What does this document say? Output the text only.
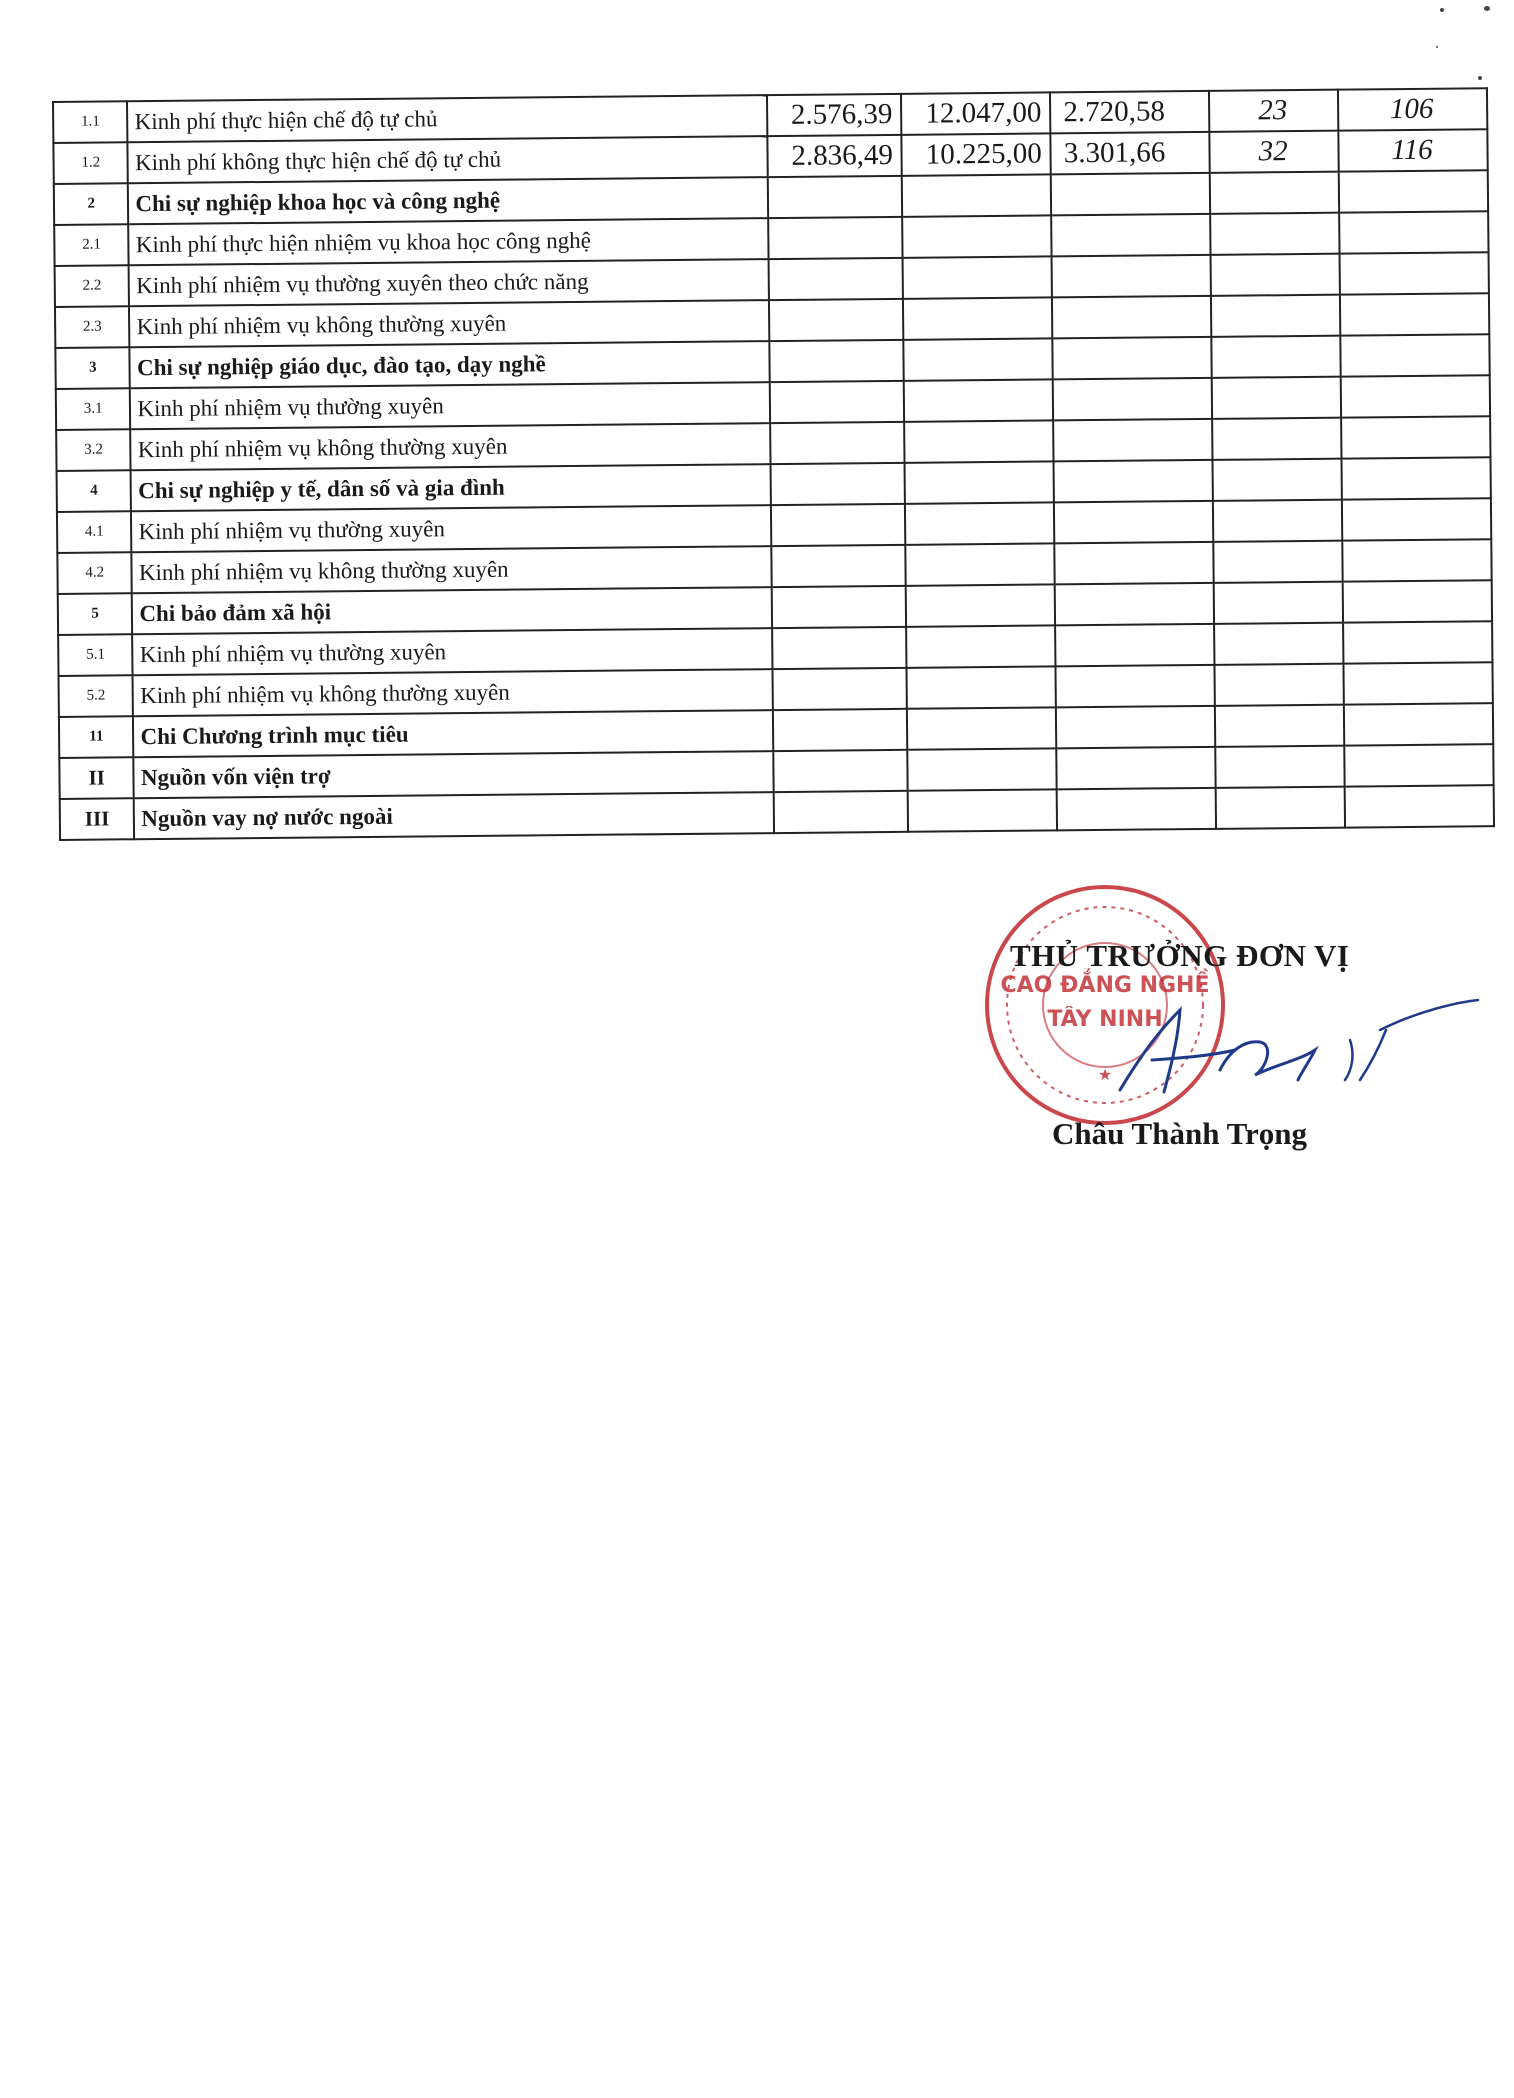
1.1	Kinh phí thực hiện chế độ tự chủ	2.576,39	12.047,00	2.720,58	23	106
1.2	Kinh phí không thực hiện chế độ tự chủ	2.836,49	10.225,00	3.301,66	32	116
2	Chi sự nghiệp khoa học và công nghệ					
2.1	Kinh phí thực hiện nhiệm vụ khoa học công nghệ					
2.2	Kinh phí nhiệm vụ thường xuyên theo chức năng					
2.3	Kinh phí nhiệm vụ không thường xuyên					
3	Chi sự nghiệp giáo dục, đào tạo, dạy nghề					
3.1	Kinh phí nhiệm vụ thường xuyên					
3.2	Kinh phí nhiệm vụ không thường xuyên					
4	Chi sự nghiệp y tế, dân số và gia đình					
4.1	Kinh phí nhiệm vụ thường xuyên					
4.2	Kinh phí nhiệm vụ không thường xuyên					
5	Chi bảo đảm xã hội					
5.1	Kinh phí nhiệm vụ thường xuyên					
5.2	Kinh phí nhiệm vụ không thường xuyên					
11	Chi Chương trình mục tiêu					
II	Nguồn vốn viện trợ					
III	Nguồn vay nợ nước ngoài					
CAO ĐẲNG NGHỀ
TÂY NINH
★
THỦ TRƯỞNG ĐƠN VỊ
Châu Thành Trọng
